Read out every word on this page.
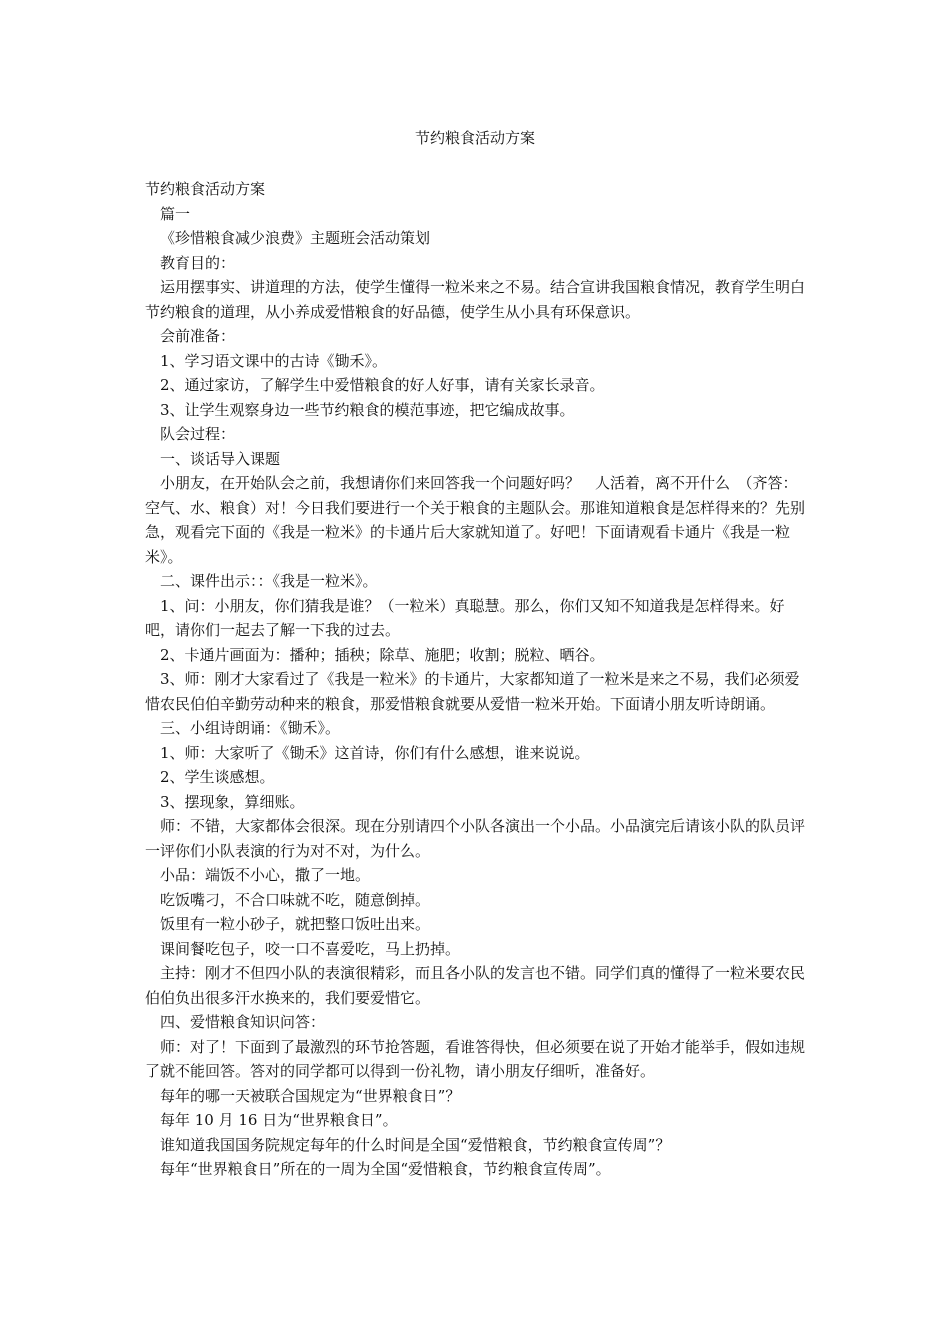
节约粮食活动方案

节约粮食活动方案

篇一

《珍惜粮食减少浪费》主题班会活动策划

教育目的：

运用摆事实、讲道理的方法，使学生懂得一粒米来之不易。结合宣讲我国粮食情况，教育学生明白节约粮食的道理，从小养成爱惜粮食的好品德，使学生从小具有环保意识。

会前准备：

1、学习语文课中的古诗《锄禾》。

2、通过家访，了解学生中爱惜粮食的好人好事，请有关家长录音。

3、让学生观察身边一些节约粮食的模范事迹，把它编成故事。

队会过程：

一、谈话导入课题

小朋友，在开始队会之前，我想请你们来回答我一个问题好吗？　人活着，离不开什么　（齐答：空气、水、粮食）对！今日我们要进行一个关于粮食的主题队会。那谁知道粮食是怎样得来的？先别急，观看完下面的《我是一粒米》的卡通片后大家就知道了。好吧！下面请观看卡通片《我是一粒米》。

二、课件出示：：《我是一粒米》。

1、问：小朋友，你们猜我是谁？（一粒米）真聪慧。那么，你们又知不知道我是怎样得来。好吧，请你们一起去了解一下我的过去。

2、卡通片画面为：播种；插秧；除草、施肥；收割；脱粒、晒谷。

3、师：刚才大家看过了《我是一粒米》的卡通片，大家都知道了一粒米是来之不易，我们必须爱惜农民伯伯辛勤劳动种来的粮食，那爱惜粮食就要从爱惜一粒米开始。下面请小朋友听诗朗诵。

三、小组诗朗诵：《锄禾》。

1、师：大家听了《锄禾》这首诗，你们有什么感想，谁来说说。

2、学生谈感想。

3、摆现象，算细账。

师：不错，大家都体会很深。现在分别请四个小队各演出一个小品。小品演完后请该小队的队员评一评你们小队表演的行为对不对，为什么。

小品：端饭不小心，撒了一地。

吃饭嘴刁，不合口味就不吃，随意倒掉。

饭里有一粒小砂子，就把整口饭吐出来。

课间餐吃包子，咬一口不喜爱吃，马上扔掉。

主持：刚才不但四小队的表演很精彩，而且各小队的发言也不错。同学们真的懂得了一粒米要农民伯伯负出很多汗水换来的，我们要爱惜它。

四、爱惜粮食知识问答：

师：对了！下面到了最激烈的环节抢答题，看谁答得快，但必须要在说了开始才能举手，假如违规了就不能回答。答对的同学都可以得到一份礼物，请小朋友仔细听，准备好。

每年的哪一天被联合国规定为“世界粮食日”？

每年 10 月 16 日为“世界粮食日”。

谁知道我国国务院规定每年的什么时间是全国“爱惜粮食，节约粮食宣传周”？

每年“世界粮食日”所在的一周为全国“爱惜粮食，节约粮食宣传周”。
